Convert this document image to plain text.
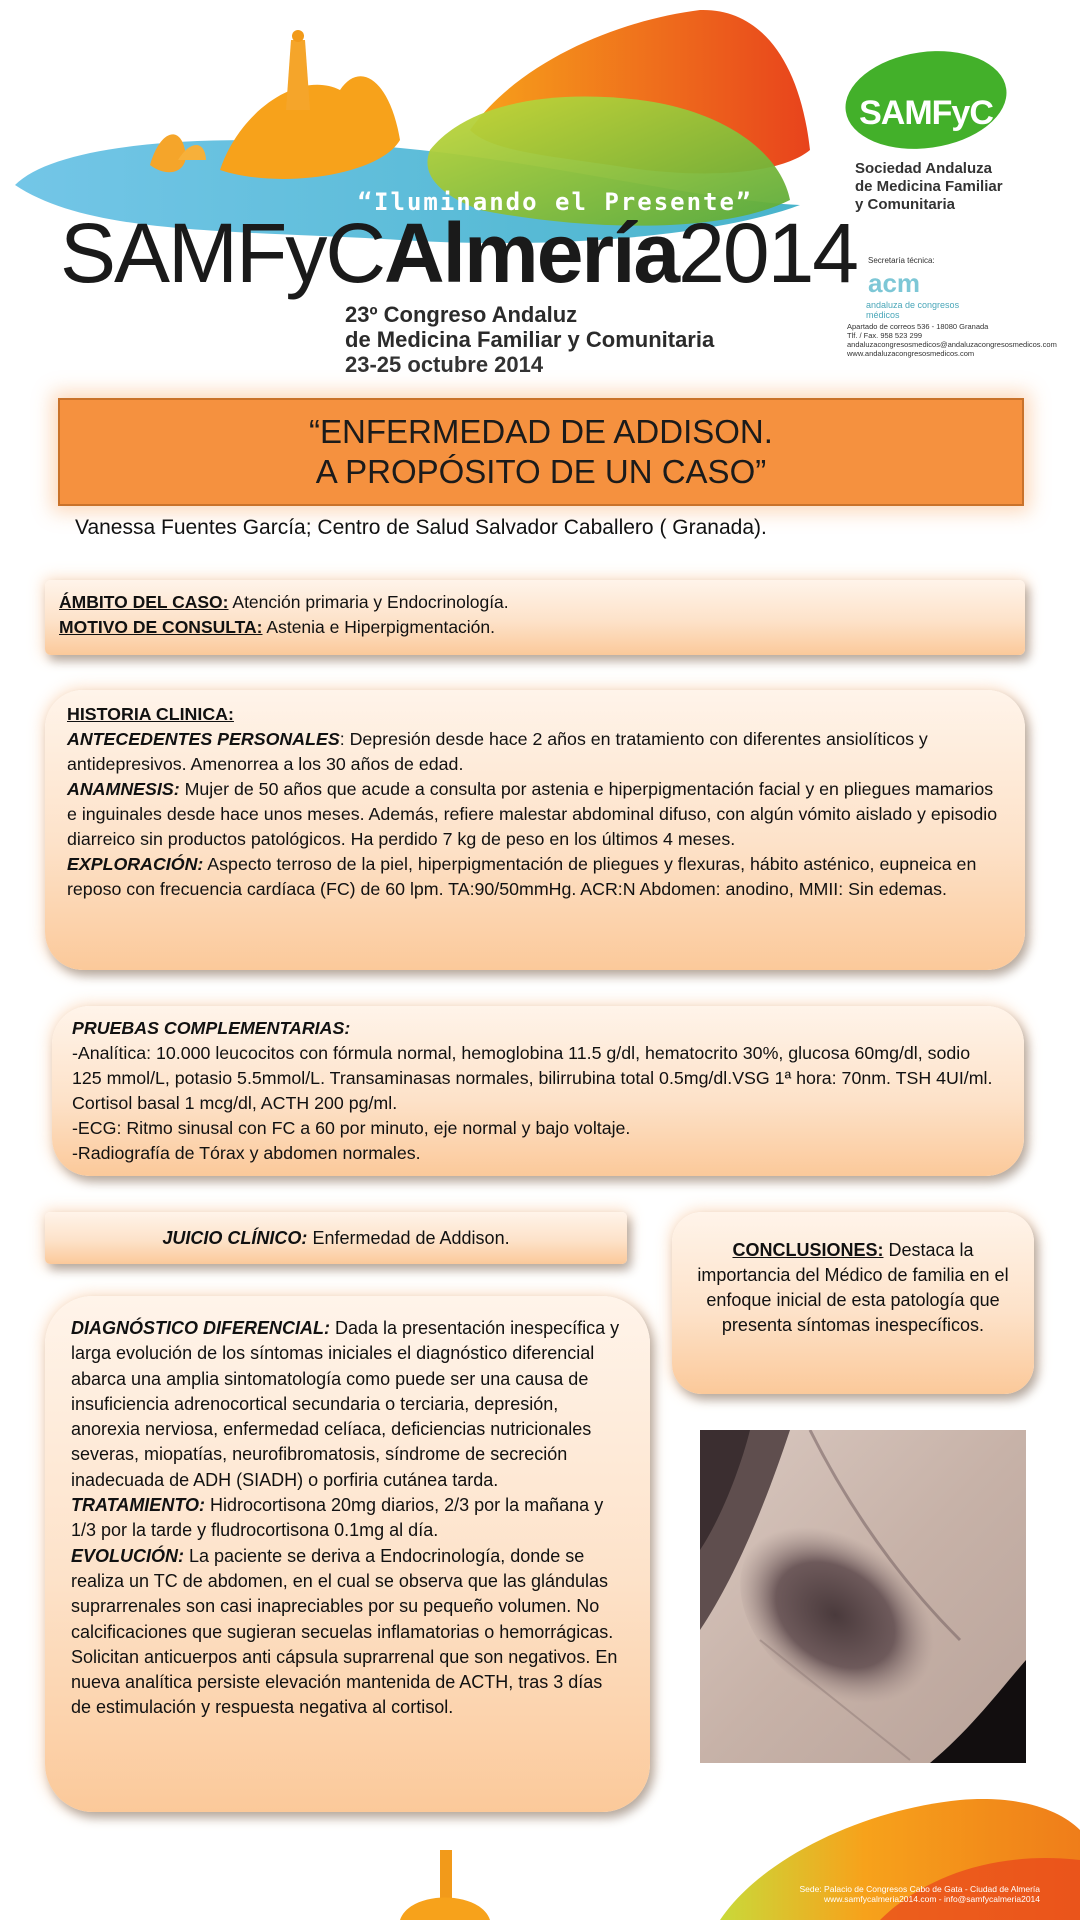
“Iluminando el Presente”
SAMFyCAlmería2014
23º Congreso Andaluz
de Medicina Familiar y Comunitaria
23-25 octubre 2014
SAMFyC
Sociedad Andaluza
de Medicina Familiar
y Comunitaria
Secretaría técnica:
acm
andaluza de congresos médicos
Apartado de correos 536 - 18080 Granada
Tlf. / Fax. 958 523 299
andaluzacongresosmedicos@andaluzacongresosmedicos.com
www.andaluzacongresosmedicos.com
“ENFERMEDAD DE ADDISON.
A PROPÓSITO DE UN CASO”
Vanessa Fuentes García; Centro de Salud Salvador Caballero ( Granada).

ÁMBITO DEL CASO: Atención primaria y Endocrinología.

MOTIVO DE CONSULTA: Astenia e Hiperpigmentación.

HISTORIA CLINICA:

ANTECEDENTES PERSONALES: Depresión desde hace 2 años en tratamiento con diferentes ansiolíticos y antidepresivos. Amenorrea a los 30 años de edad.

ANAMNESIS: Mujer de 50 años que acude a consulta por astenia e hiperpigmentación facial y en pliegues mamarios e inguinales desde hace unos meses. Además, refiere malestar abdominal difuso, con algún vómito aislado y episodio diarreico sin productos patológicos. Ha perdido 7 kg de peso en los últimos 4 meses.

EXPLORACIÓN: Aspecto terroso de la piel, hiperpigmentación de pliegues y flexuras, hábito asténico, eupneica en reposo con frecuencia cardíaca (FC) de 60 lpm. TA:90/50mmHg. ACR:N Abdomen: anodino, MMII: Sin edemas.

PRUEBAS COMPLEMENTARIAS:

-Analítica: 10.000 leucocitos con fórmula normal, hemoglobina 11.5 g/dl, hematocrito 30%, glucosa 60mg/dl, sodio 125 mmol/L, potasio 5.5mmol/L. Transaminasas normales, bilirrubina total 0.5mg/dl.VSG 1ª hora: 70nm. TSH 4UI/ml. Cortisol basal 1 mcg/dl, ACTH 200 pg/ml.

-ECG: Ritmo sinusal con FC a 60 por minuto, eje normal y bajo voltaje.

-Radiografía de Tórax y abdomen normales.

JUICIO CLÍNICO: Enfermedad de Addison.
CONCLUSIONES: Destaca la importancia del Médico de familia en el enfoque inicial de esta patología que presenta síntomas inespecíficos.

DIAGNÓSTICO DIFERENCIAL: Dada la presentación inespecífica y larga evolución de los síntomas iniciales el diagnóstico diferencial abarca una amplia sintomatología como puede ser una causa de insuficiencia adrenocortical secundaria o terciaria, depresión, anorexia nerviosa, enfermedad celíaca, deficiencias nutricionales severas, miopatías, neurofibromatosis, síndrome de secreción inadecuada de ADH (SIADH) o porfiria cutánea tarda.

TRATAMIENTO: Hidrocortisona 20mg diarios, 2/3 por la mañana y 1/3 por la tarde y fludrocortisona 0.1mg al día.

EVOLUCIÓN: La paciente se deriva a Endocrinología, donde se realiza un TC de abdomen, en el cual se observa que las glándulas suprarrenales son casi inapreciables por su pequeño volumen. No calcificaciones que sugieran secuelas inflamatorias o hemorrágicas. Solicitan anticuerpos anti cápsula suprarrenal que son negativos. En nueva analítica persiste elevación mantenida de ACTH, tras 3 días de estimulación y respuesta negativa al cortisol.

Sede: Palacio de Congresos Cabo de Gata - Ciudad de Almería
www.samfycalmeria2014.com - info@samfycalmeria2014
